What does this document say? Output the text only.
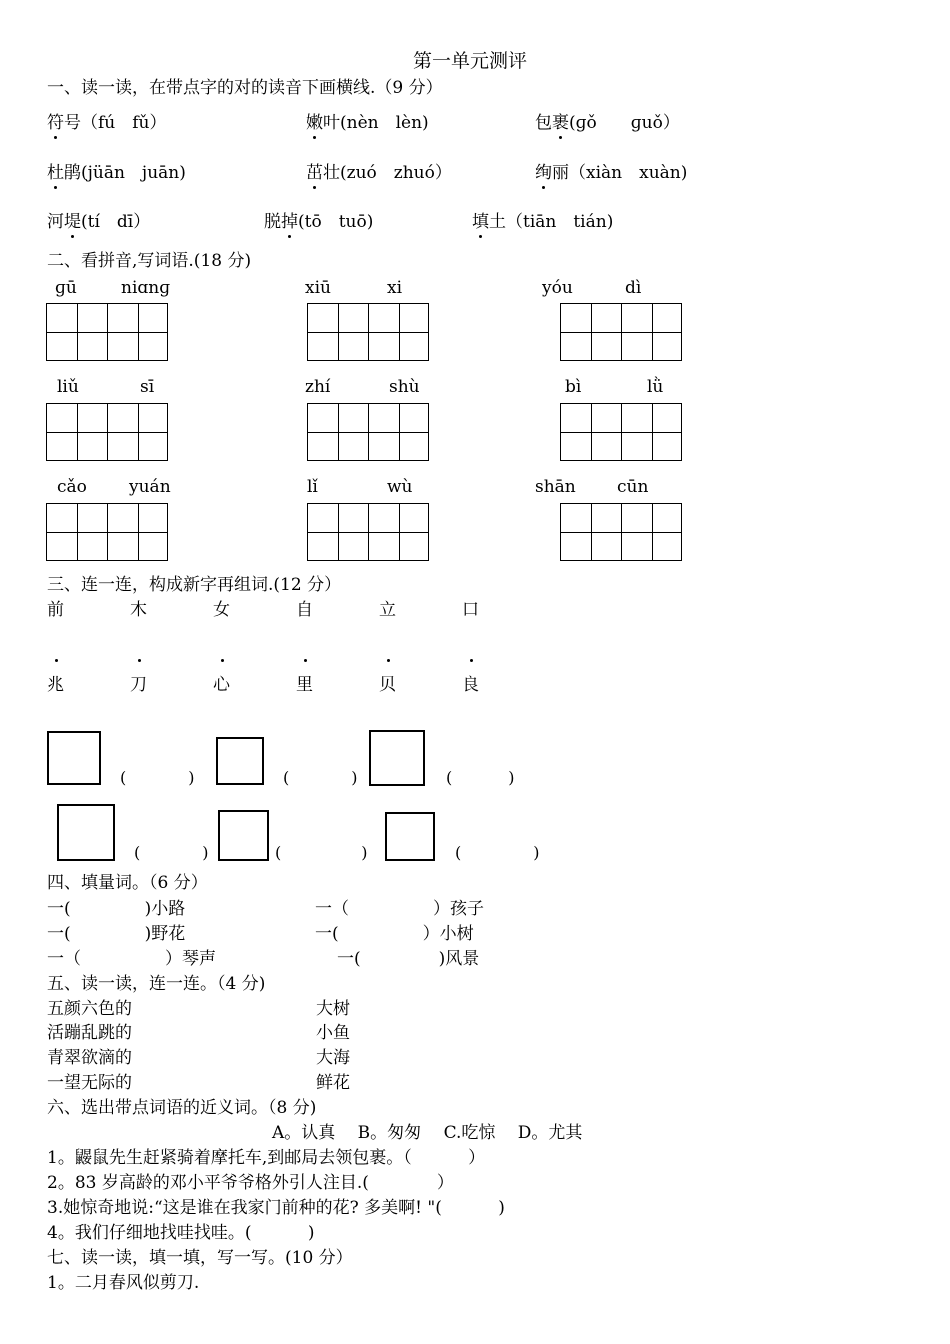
第一单元测评
一、读一读，在带点字的对的读音下画横线.（9 分）
符号（fú　fǔ）	嫩叶(nèn　lèn)	包裹(ɡǒ　　ɡuǒ）
杜鹃(jüān　juān)	茁壮(zuó　zhuó）	绚丽（xiàn　xuàn)
河堤(tí　dī）	脱掉(tō　tuō)	填土（tiān　tián)
二、看拼音,写词语.(18 分)
ɡū	niɑnɡ	xiū	xi	yóu	dì
liǔ	sī	zhí	shù	bì	lǜ
cǎo yuán	lǐ	wù	shān cūn
三、连一连，构成新字再组词.(12 分）
前	木	女	自	立	口
兆	刀	心	里	贝	良
(	)	(	)	(	)
(	)	(	)	(	)
四、填量词。（6 分）
一(	)小路	一（	）孩子
一(	)野花	一(	）小树
一（	）琴声	一(	)风景
五、读一读，连一连。（4 分)
五颜六色的	大树
活蹦乱跳的	小鱼
青翠欲滴的	大海
一望无际的	鲜花
六、选出带点词语的近义词。（8 分)
A。认真　 B。匆匆　 C.吃惊　 D。尤其
1。鼹鼠先生赶紧骑着摩托车,到邮局去领包裹。（　　　 ）
2。83 岁高龄的邓小平爷爷格外引人注目.(　　　　）
3.她惊奇地说:“这是谁在我家门前种的花? 多美啊! "(　　　 )
4。我们仔细地找哇找哇。(　　　 )
七、读一读，填一填，写一写。(10 分）
1。二月春风似剪刀.
